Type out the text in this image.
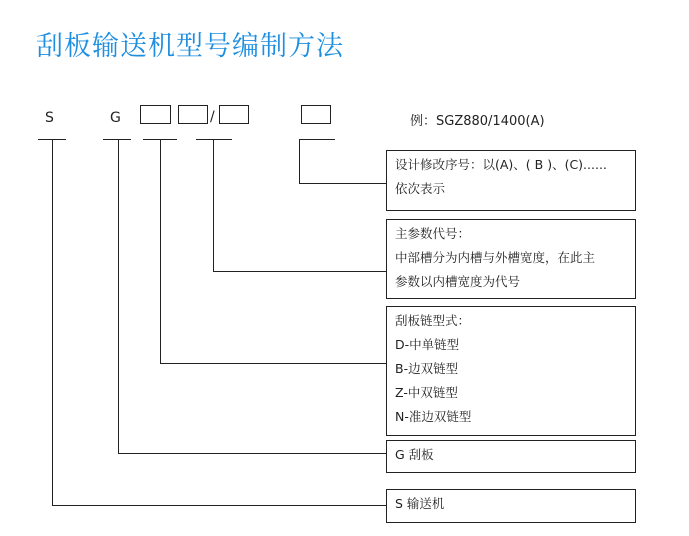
刮板输送机型号编制方法
S	G	/	例：SGZ880/1400(A)
设计修改序号：以(A)、( B )、(C)......
依次表示
主参数代号：
中部槽分为内槽与外槽宽度，在此主
参数以内槽宽度为代号
刮板链型式：
D-中单链型
B-边双链型
Z-中双链型
N-准边双链型
G 刮板
S 输送机
